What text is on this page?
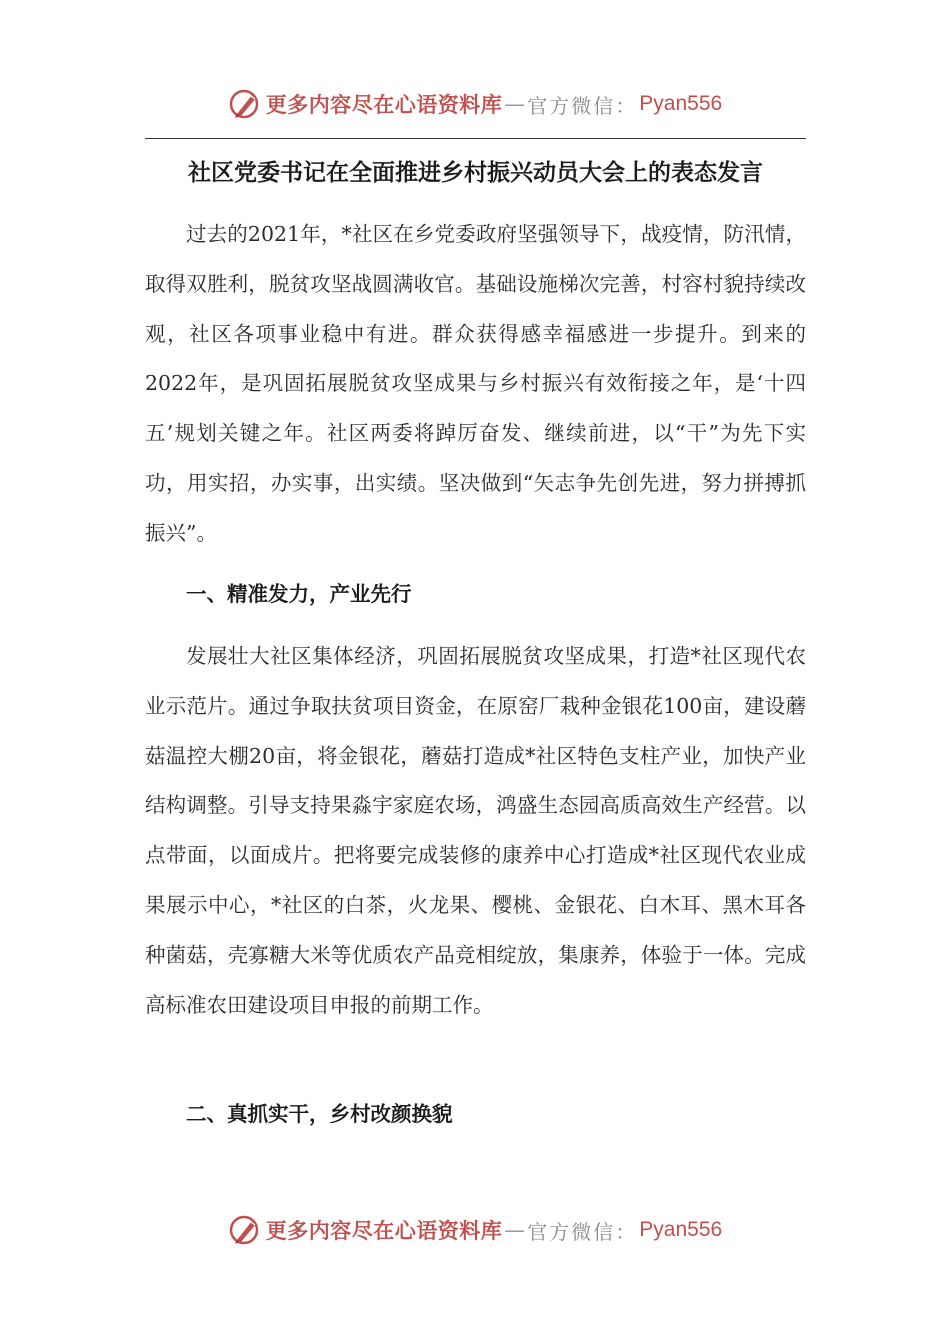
更多内容尽在心语资料库 — 官方微信： Pyan556
社区党委书记在全面推进乡村振兴动员大会上的表态发言

过去的2021年，*社区在乡党委政府坚强领导下，战疫情，防汛情，取得双胜利，脱贫攻坚战圆满收官。基础设施梯次完善，村容村貌持续改观，社区各项事业稳中有进。群众获得感幸福感进一步提升。到来的2022年，是巩固拓展脱贫攻坚成果与乡村振兴有效衔接之年，是‘十四五’规划关键之年。社区两委将踔厉奋发、继续前进，以“干”为先下实功，用实招，办实事，出实绩。坚决做到“矢志争先创先进，努力拼搏抓振兴”。

一、精准发力，产业先行

发展壮大社区集体经济，巩固拓展脱贫攻坚成果，打造*社区现代农业示范片。通过争取扶贫项目资金，在原窑厂栽种金银花100亩，建设蘑菇温控大棚20亩，将金银花，蘑菇打造成*社区特色支柱产业，加快产业结构调整。引导支持果淼宇家庭农场，鸿盛生态园高质高效生产经营。以点带面，以面成片。把将要完成装修的康养中心打造成*社区现代农业成果展示中心，*社区的白茶，火龙果、樱桃、金银花、白木耳、黑木耳各种菌菇，壳寡糖大米等优质农产品竞相绽放，集康养，体验于一体。完成高标准农田建设项目申报的前期工作。

二、真抓实干，乡村改颜换貌
更多内容尽在心语资料库 — 官方微信： Pyan556
